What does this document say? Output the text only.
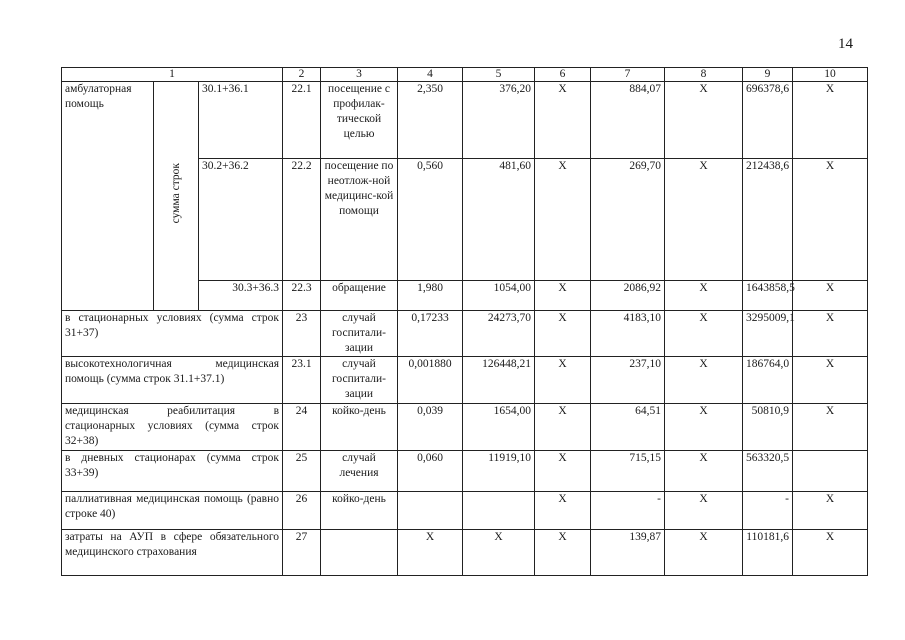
14
1			2	3	4	5	6	7	8	9	10
амбулаторная помощь	сумма строк	30.1+36.1	22.1	посещение с профилак-тической целью	2,350	376,20	X	884,07	X	696378,6	X
		30.2+36.2	22.2	посещение по неотлож-ной медицинс-кой помощи	0,560	481,60	X	269,70	X	212438,6	X
		30.3+36.3	22.3	обращение	1,980	1054,00	X	2086,92	X	1643858,5	X
в стационарных условиях (сумма строк 31+37)			23	случай госпитали-зации	0,17233	24273,70	X	4183,10	X	3295009,1	X
высокотехнологичная медицинская помощь (сумма строк 31.1+37.1)			23.1	случай госпитали-зации	0,001880	126448,21	X	237,10	X	186764,0	X
медицинская реабилитация в стационарных условиях (сумма строк 32+38)			24	койко-день	0,039	1654,00	X	64,51	X	50810,9	X
в дневных стационарах (сумма строк 33+39)			25	случай лечения	0,060	11919,10	X	715,15	X	563320,5	
паллиативная медицинская помощь (равно строке 40)			26	койко-день			X	-	X	-	X
затраты на АУП в сфере обязательного медицинского страхования			27		X	X	X	139,87	X	110181,6	X
